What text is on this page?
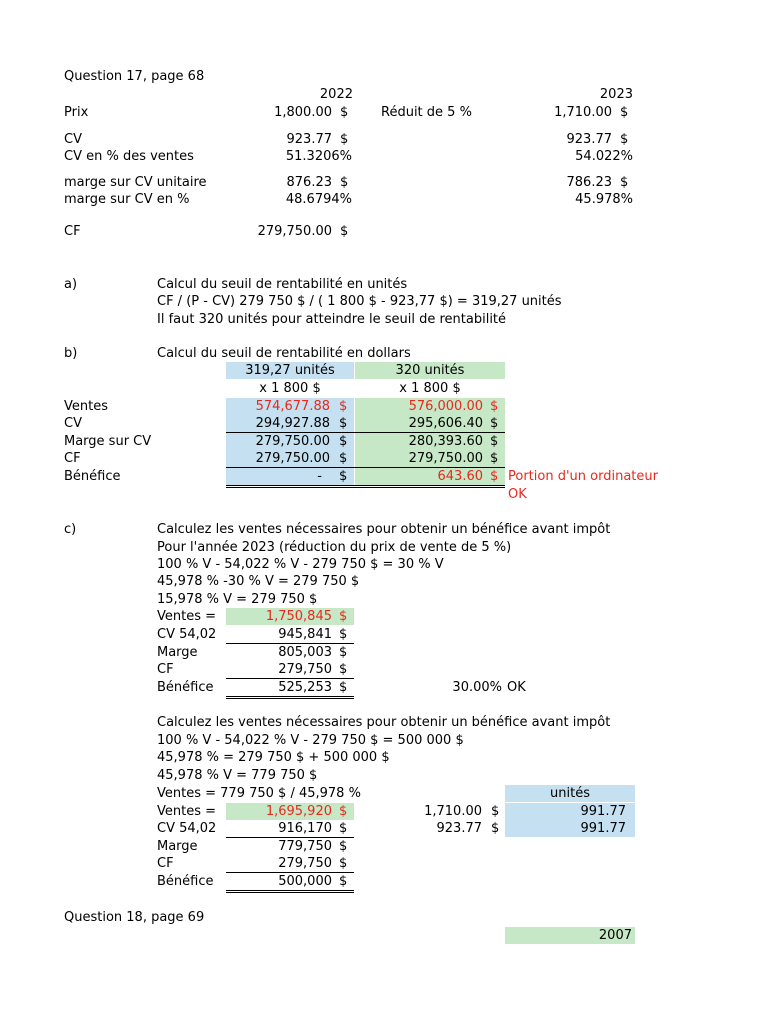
Question 17, page 68
2022	2023
Prix	1,800.00 $	Réduit de 5 %	1,710.00 $
CV	923.77 $	923.77 $
CV en % des ventes	51.3206%	54.022%
marge sur CV unitaire	876.23 $	786.23 $
marge sur CV en %	48.6794%	45.978%
CF	279,750.00 $
a)	Calcul du seuil de rentabilité en unités
CF / (P - CV) 279 750 $ / ( 1 800 $ - 923,77 $) = 319,27 unités
Il faut 320 unités pour atteindre le seuil de rentabilité
b)	Calcul du seuil de rentabilité en dollars
319,27 unités	320 unités
x 1 800 $	x 1 800 $
Ventes	574,677.88 $	576,000.00 $
CV	294,927.88 $	295,606.40 $
Marge sur CV	279,750.00 $	280,393.60 $
CF	279,750.00 $	279,750.00 $
Bénéfice	- $	643.60 $ Portion d'un ordinateur
OK
c)	Calculez les ventes nécessaires pour obtenir un bénéfice avant impôt
Pour l'année 2023 (réduction du prix de vente de 5 %)
100 % V - 54,022 % V - 279 750 $ = 30 % V
45,978 % -30 % V = 279 750 $
15,978 % V = 279 750 $
Ventes =	1,750,845 $
CV 54,02	945,841 $
Marge	805,003 $
CF	279,750 $
Bénéfice	525,253 $	30.00% OK
Calculez les ventes nécessaires pour obtenir un bénéfice avant impôt
100 % V - 54,022 % V - 279 750 $ = 500 000 $
45,978 % = 279 750 $ + 500 000 $
45,978 % V = 779 750 $
Ventes = 779 750 $ / 45,978 %	unités
Ventes =	1,695,920 $	1,710.00 $	991.77
CV 54,02	916,170 $	923.77 $	991.77
Marge	779,750 $
CF	279,750 $
Bénéfice	500,000 $
Question 18, page 69
2007
